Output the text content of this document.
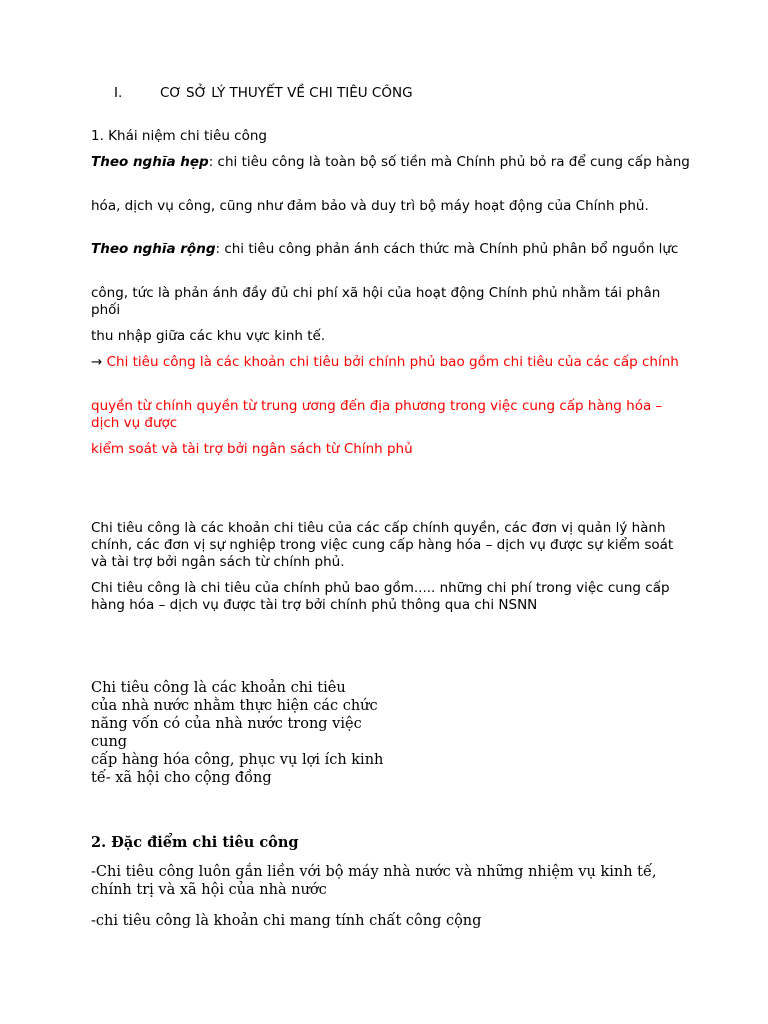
I.	CƠ SỞ LÝ THUYẾT VỀ CHI TIÊU CÔNG

1. Khái niệm chi tiêu công

Theo nghĩa hẹp: chi tiêu công là toàn bộ số tiền mà Chính phủ bỏ ra để cung cấp hàng

hóa, dịch vụ công, cũng như đảm bảo và duy trì bộ máy hoạt động của Chính phủ.

Theo nghĩa rộng: chi tiêu công phản ánh cách thức mà Chính phủ phân bổ nguồn lực

công, tức là phản ánh đầy đủ chi phí xã hội của hoạt động Chính phủ nhằm tái phân phối

thu nhập giữa các khu vực kinh tế.

→ Chi tiêu công là các khoản chi tiêu bởi chính phủ bao gồm chi tiêu của các cấp chính

quyền từ chính quyền từ trung ương đến địa phương trong việc cung cấp hàng hóa – dịch vụ được

kiểm soát và tài trợ bởi ngân sách từ Chính phủ

Chi tiêu công là các khoản chi tiêu của các cấp chính quyền, các đơn vị quản lý hành chính, các đơn vị sự nghiệp trong việc cung cấp hàng hóa – dịch vụ được sự kiểm soát và tài trợ bởi ngân sách từ chính phủ.

Chi tiêu công là chi tiêu của chính phủ bao gồm..... những chi phí trong việc cung cấp hàng hóa – dịch vụ được tài trợ bởi chính phủ thông qua chi NSNN

Chi tiêu công là các khoản chi tiêu
của nhà nước nhằm thực hiện các chức
năng vốn có của nhà nước trong việc cung
cấp hàng hóa công, phục vụ lợi ích kinh
tế- xã hội cho cộng đồng

2. Đặc điểm chi tiêu công

-Chi tiêu công luôn gắn liền với bộ máy nhà nước và những nhiệm vụ kinh tế, chính trị và xã hội của nhà nước

-chi tiêu công là khoản chi mang tính chất công cộng
